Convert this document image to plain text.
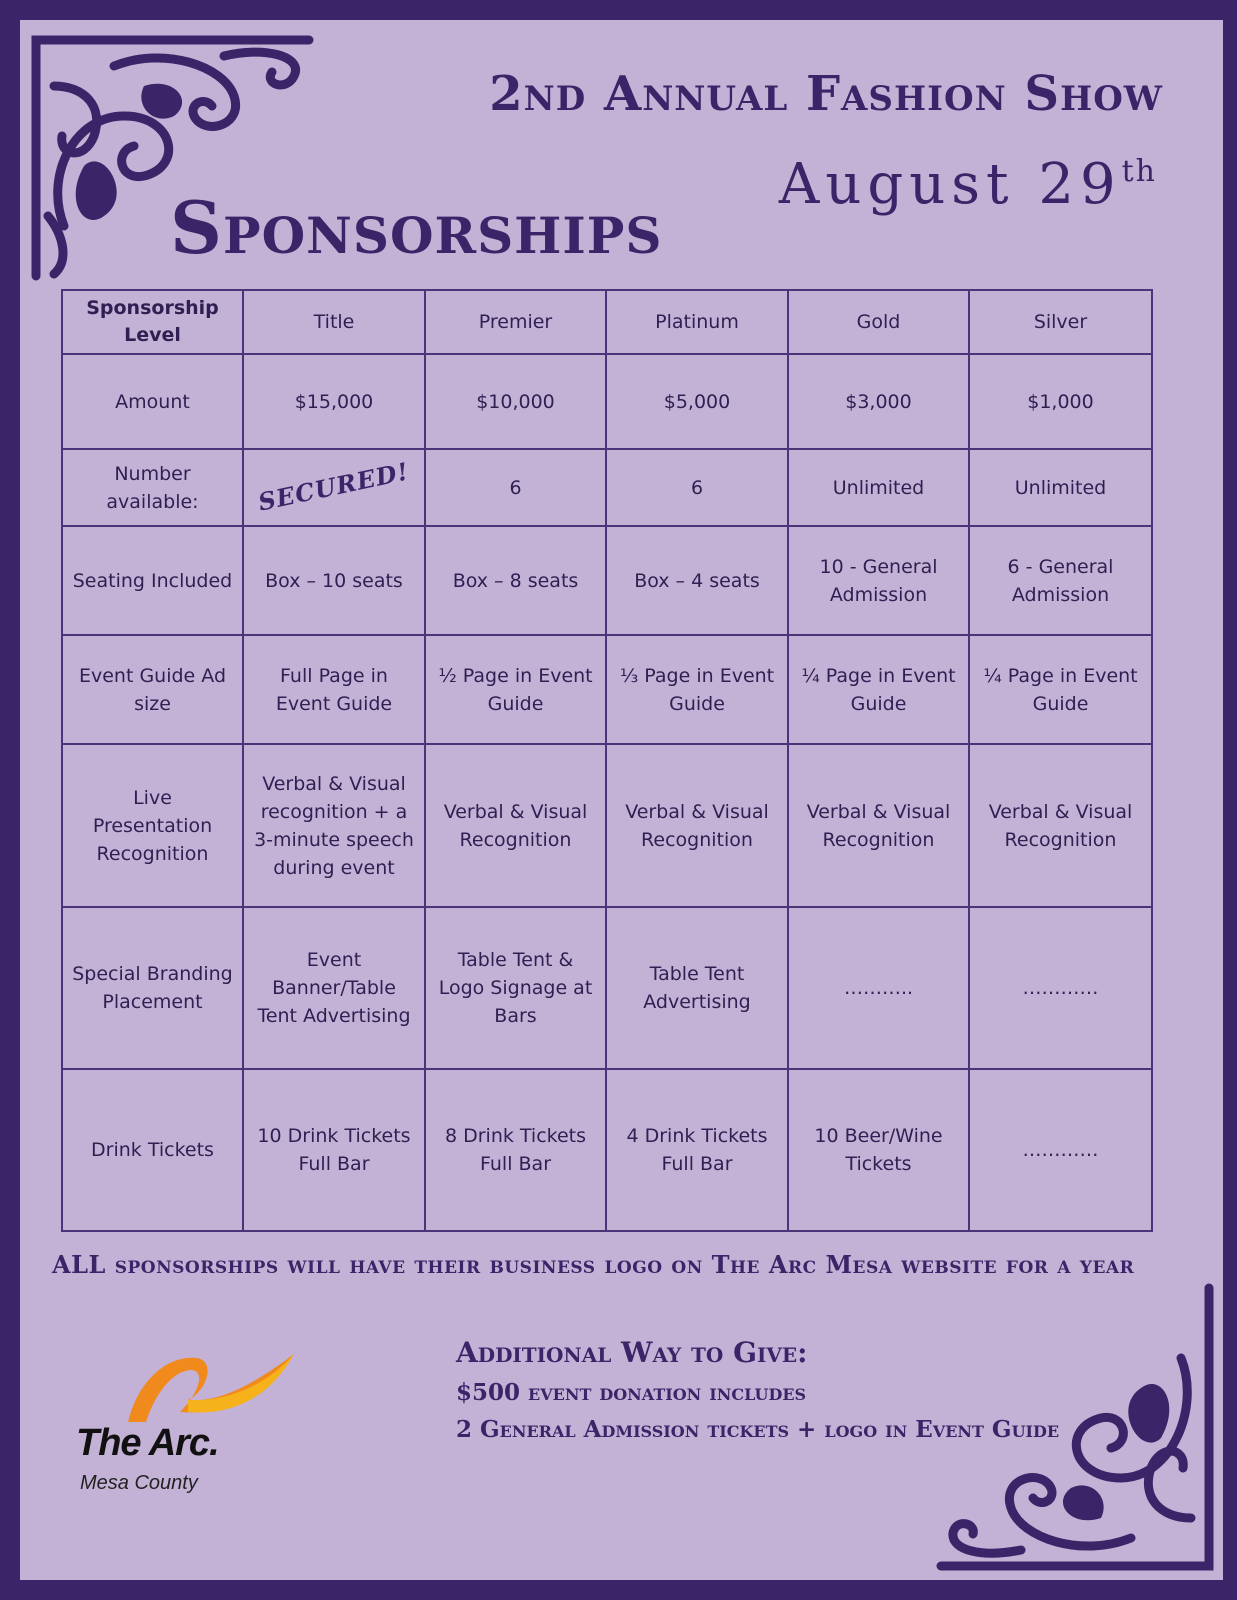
2nd Annual Fashion Show
August 29th
Sponsorships
Sponsorship Level	Title	Premier	Platinum	Gold	Silver
Amount	$15,000	$10,000	$5,000	$3,000	$1,000
Number available:	SECURED!	6	6	Unlimited	Unlimited
Seating Included	Box – 10 seats	Box – 8 seats	Box – 4 seats	10 - General Admission	6 - General Admission
Event Guide Ad size	Full Page in Event Guide	½ Page in Event Guide	⅓ Page in Event Guide	¼ Page in Event Guide	¼ Page in Event Guide
Live Presentation Recognition	Verbal & Visual recognition + a 3-minute speech during event	Verbal & Visual Recognition	Verbal & Visual Recognition	Verbal & Visual Recognition	Verbal & Visual Recognition
Special Branding Placement	Event Banner/Table Tent Advertising	Table Tent & Logo Signage at Bars	Table Tent Advertising	………..	…………
Drink Tickets	10 Drink Tickets Full Bar	8 Drink Tickets Full Bar	4 Drink Tickets Full Bar	10 Beer/Wine Tickets	…………
ALL sponsorships will have their business logo on The Arc Mesa website for a year
The Arc.
Mesa County
Additional Way to Give:
$500 event donation includes
2 General Admission tickets + logo in Event Guide
